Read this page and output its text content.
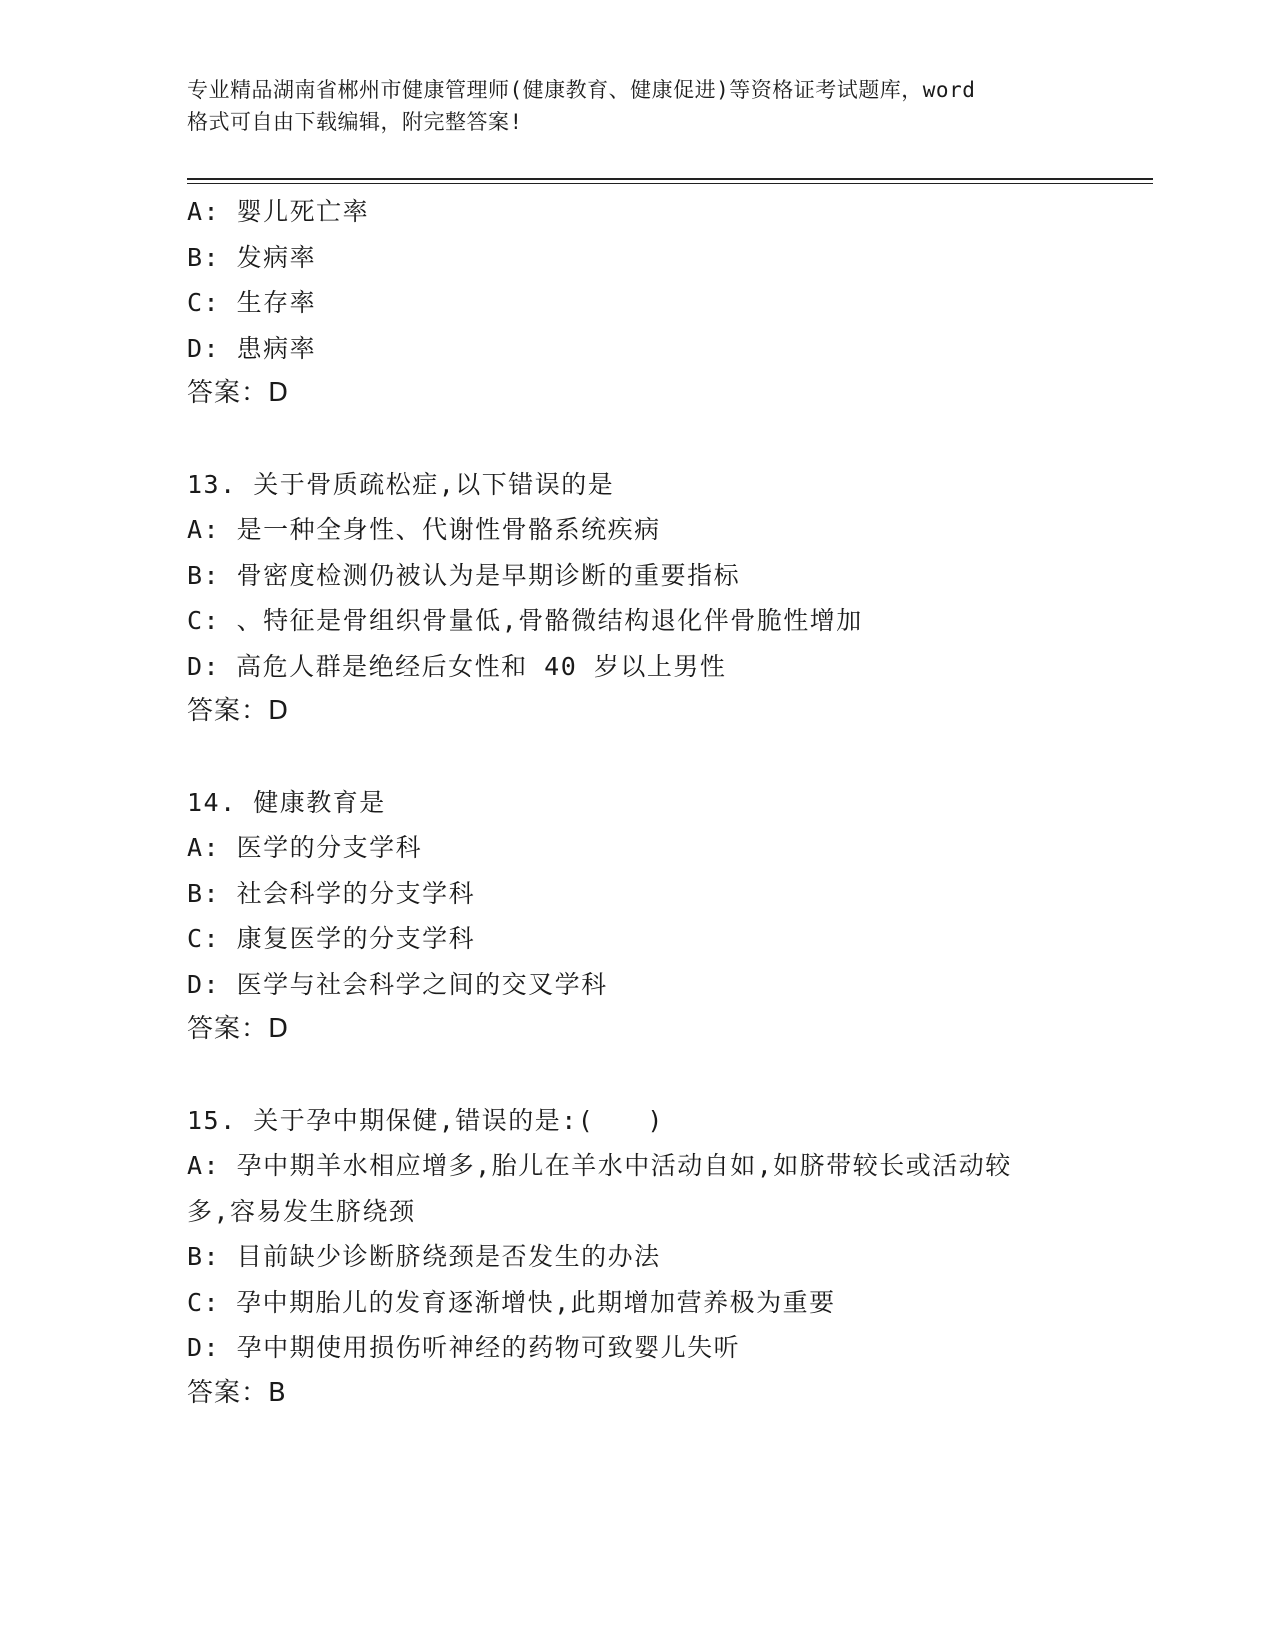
专业精品湖南省郴州市健康管理师(健康教育、健康促进)等资格证考试题库，word
格式可自由下载编辑，附完整答案!
A: 婴儿死亡率
B: 发病率
C: 生存率
D: 患病率
答案：D
13. 关于骨质疏松症,以下错误的是
A: 是一种全身性、代谢性骨骼系统疾病
B: 骨密度检测仍被认为是早期诊断的重要指标
C: 、特征是骨组织骨量低,骨骼微结构退化伴骨脆性增加
D: 高危人群是绝经后女性和 40 岁以上男性
答案：D
14. 健康教育是
A: 医学的分支学科
B: 社会科学的分支学科
C: 康复医学的分支学科
D: 医学与社会科学之间的交叉学科
答案：D
15. 关于孕中期保健,错误的是:(　　)
A: 孕中期羊水相应增多,胎儿在羊水中活动自如,如脐带较长或活动较
多,容易发生脐绕颈
B: 目前缺少诊断脐绕颈是否发生的办法
C: 孕中期胎儿的发育逐渐增快,此期增加营养极为重要
D: 孕中期使用损伤听神经的药物可致婴儿失听
答案：B
